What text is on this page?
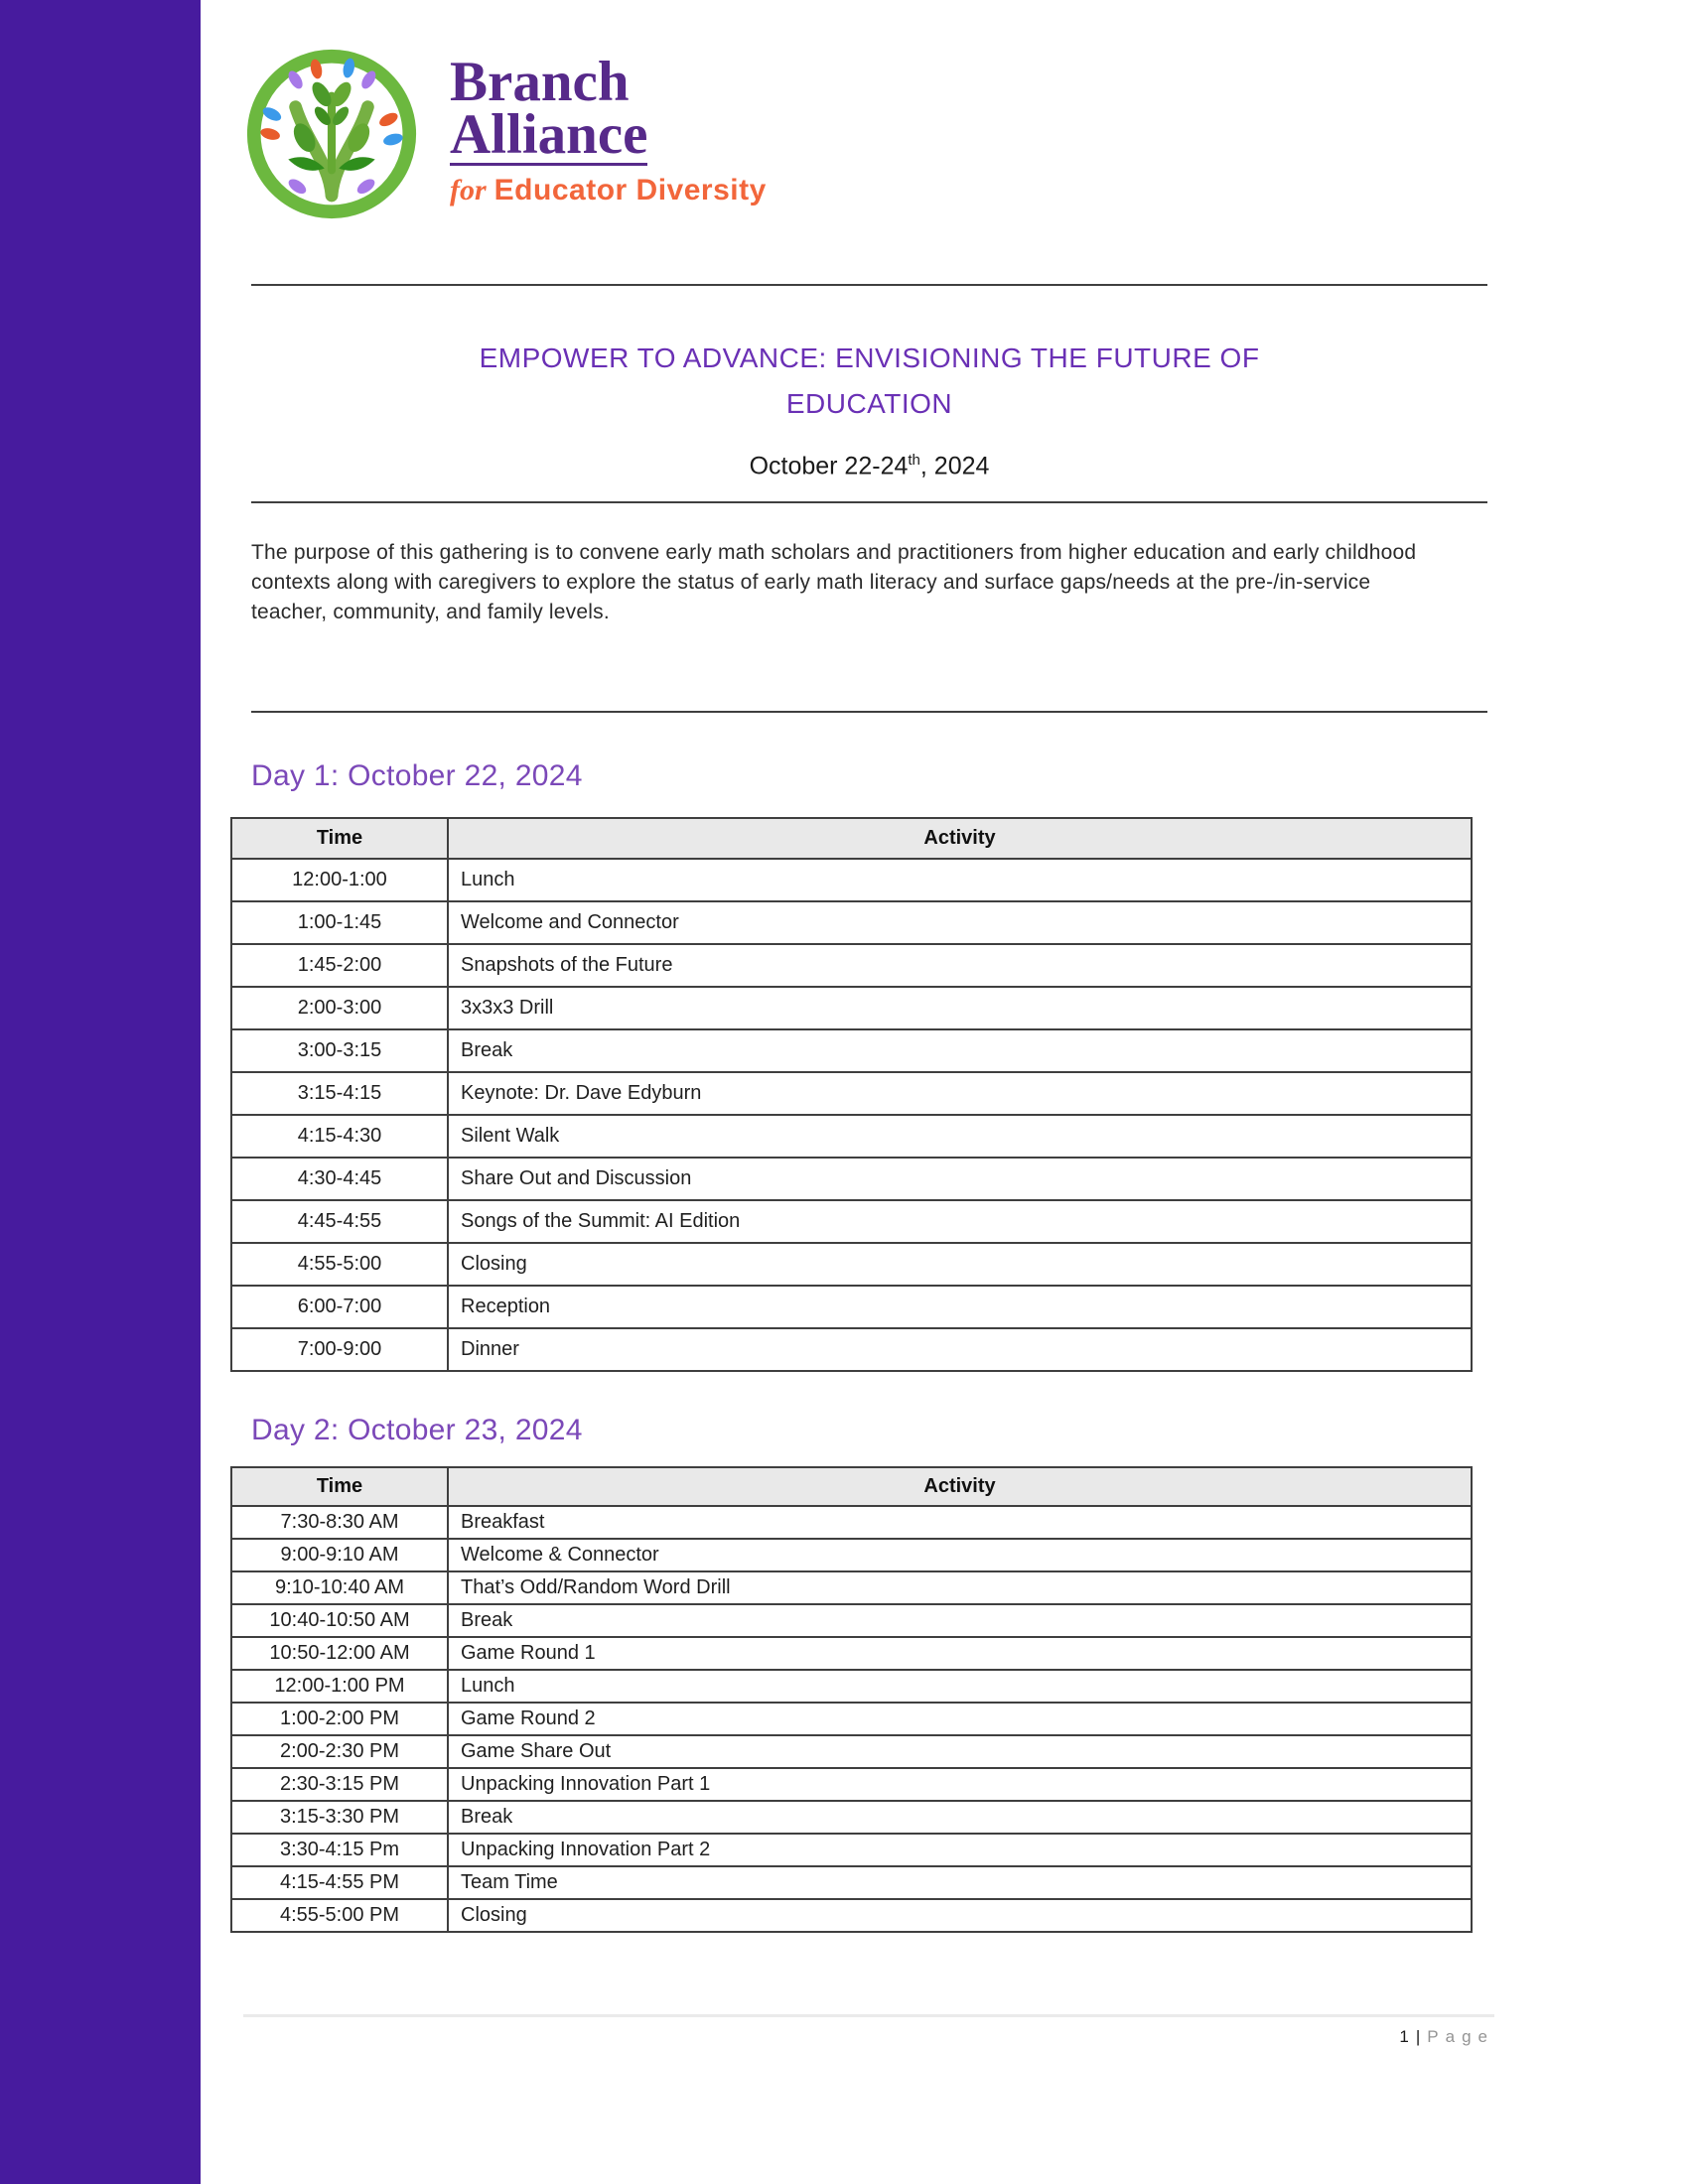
Branch
Alliance
for Educator Diversity
EMPOWER TO ADVANCE: ENVISIONING THE FUTURE OF
EDUCATION
October 22-24th, 2024

The purpose of this gathering is to convene early math scholars and practitioners from higher education and early childhood contexts along with caregivers to explore the status of early math literacy and surface gaps/needs at the pre-/in-service teacher, community, and family levels.

Day 1: October 22, 2024
Time	Activity
12:00-1:00	Lunch
1:00-1:45	Welcome and Connector
1:45-2:00	Snapshots of the Future
2:00-3:00	3x3x3 Drill
3:00-3:15	Break
3:15-4:15	Keynote: Dr. Dave Edyburn
4:15-4:30	Silent Walk
4:30-4:45	Share Out and Discussion
4:45-4:55	Songs of the Summit: AI Edition
4:55-5:00	Closing
6:00-7:00	Reception
7:00-9:00	Dinner
Day 2: October 23, 2024
Time	Activity
7:30-8:30 AM	Breakfast
9:00-9:10 AM	Welcome & Connector
9:10-10:40 AM	That’s Odd/Random Word Drill
10:40-10:50 AM	Break
10:50-12:00 AM	Game Round 1
12:00-1:00 PM	Lunch
1:00-2:00 PM	Game Round 2
2:00-2:30 PM	Game Share Out
2:30-3:15 PM	Unpacking Innovation Part 1
3:15-3:30 PM	Break
3:30-4:15 Pm	Unpacking Innovation Part 2
4:15-4:55 PM	Team Time
4:55-5:00 PM	Closing
1 | Page
